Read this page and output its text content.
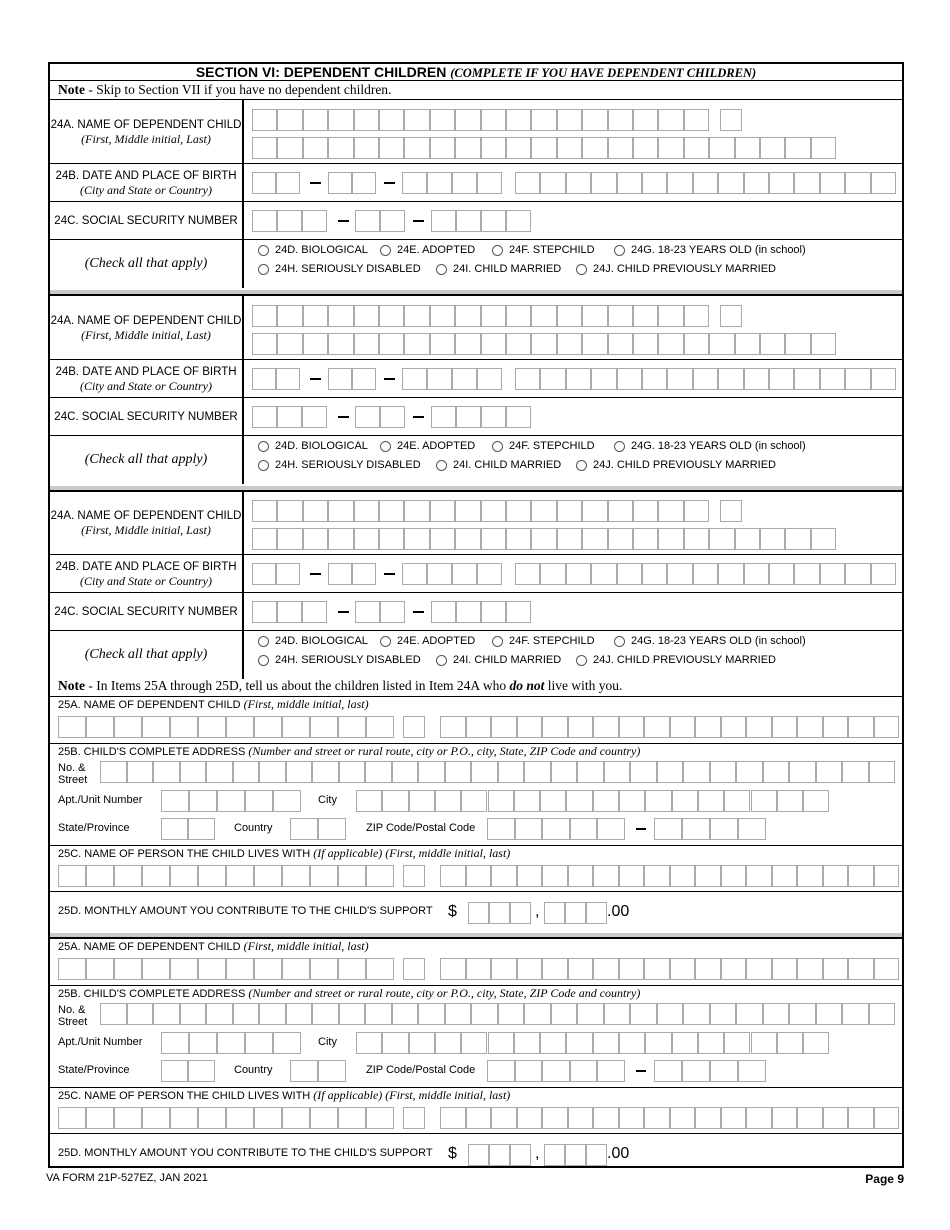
SECTION VI: DEPENDENT CHILDREN (COMPLETE IF YOU HAVE DEPENDENT CHILDREN)
Note - Skip to Section VII if you have no dependent children.
24A. NAME OF DEPENDENT CHILD
(First, Middle initial, Last)
24B. DATE AND PLACE OF BIRTH
(City and State or Country)
24C. SOCIAL SECURITY NUMBER
(Check all that apply)
24D. BIOLOGICAL	24E. ADOPTED	24F. STEPCHILD	24G. 18-23 YEARS OLD (in school)
24H. SERIOUSLY DISABLED	24I. CHILD MARRIED	24J. CHILD PREVIOUSLY MARRIED
24A. NAME OF DEPENDENT CHILD
(First, Middle initial, Last)
24B. DATE AND PLACE OF BIRTH
(City and State or Country)
24C. SOCIAL SECURITY NUMBER
(Check all that apply)
24D. BIOLOGICAL	24E. ADOPTED	24F. STEPCHILD	24G. 18-23 YEARS OLD (in school)
24H. SERIOUSLY DISABLED	24I. CHILD MARRIED	24J. CHILD PREVIOUSLY MARRIED
24A. NAME OF DEPENDENT CHILD
(First, Middle initial, Last)
24B. DATE AND PLACE OF BIRTH
(City and State or Country)
24C. SOCIAL SECURITY NUMBER
(Check all that apply)
24D. BIOLOGICAL	24E. ADOPTED	24F. STEPCHILD	24G. 18-23 YEARS OLD (in school)
24H. SERIOUSLY DISABLED	24I. CHILD MARRIED	24J. CHILD PREVIOUSLY MARRIED
Note - In Items 25A through 25D, tell us about the children listed in Item 24A who do not live with you.
25A. NAME OF DEPENDENT CHILD (First, middle initial, last)
25B. CHILD'S COMPLETE ADDRESS (Number and street or rural route, city or P.O., city, State, ZIP Code and country)
No. &
Street
Apt./Unit Number	City
State/Province	Country	ZIP Code/Postal Code
25C. NAME OF PERSON THE CHILD LIVES WITH (If applicable) (First, middle initial, last)
25D. MONTHLY AMOUNT YOU CONTRIBUTE TO THE CHILD'S SUPPORT $	,	.00
25A. NAME OF DEPENDENT CHILD (First, middle initial, last)
25B. CHILD'S COMPLETE ADDRESS (Number and street or rural route, city or P.O., city, State, ZIP Code and country)
No. &
Street
Apt./Unit Number	City
State/Province	Country	ZIP Code/Postal Code
25C. NAME OF PERSON THE CHILD LIVES WITH (If applicable) (First, middle initial, last)
25D. MONTHLY AMOUNT YOU CONTRIBUTE TO THE CHILD'S SUPPORT $	,	.00
VA FORM 21P-527EZ, JAN 2021	Page 9
